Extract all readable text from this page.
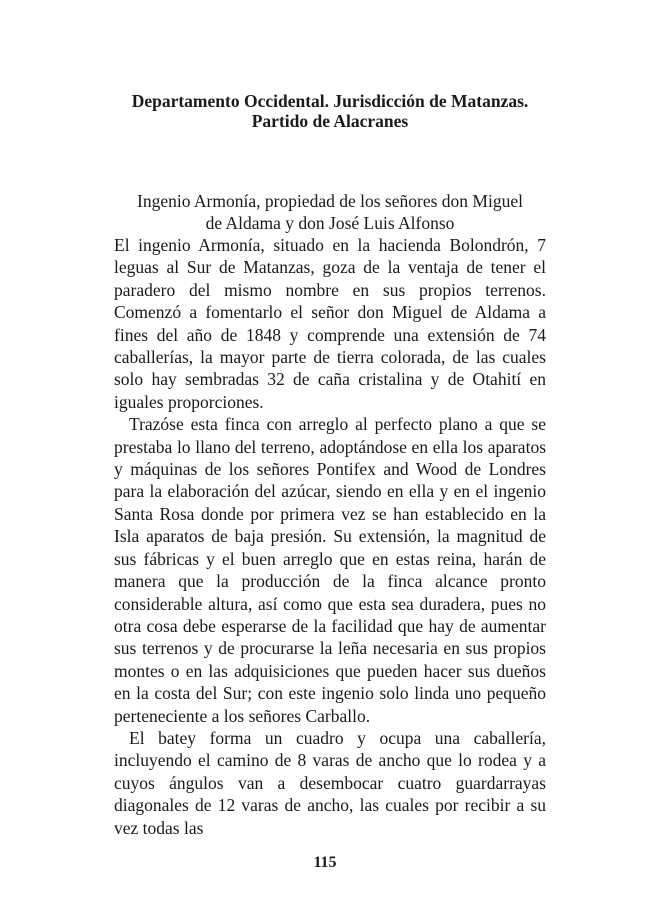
Departamento Occidental. Jurisdicción de Matanzas.
Partido de Alacranes
Ingenio Armonía, propiedad de los señores don Miguel
de Aldama y don José Luis Alfonso

El ingenio Armonía, situado en la hacienda Bolondrón, 7 leguas al Sur de Matanzas, goza de la ventaja de tener el paradero del mismo nombre en sus propios terrenos. Comenzó a fomentarlo el señor don Miguel de Aldama a fines del año de 1848 y comprende una extensión de 74 caballerías, la mayor parte de tierra colorada, de las cuales solo hay sembradas 32 de caña cristalina y de Otahití en iguales proporciones.

Trazóse esta finca con arreglo al perfecto plano a que se prestaba lo llano del terreno, adoptándose en ella los aparatos y máquinas de los señores Pontifex and Wood de Londres para la elaboración del azúcar, siendo en ella y en el ingenio Santa Rosa donde por primera vez se han establecido en la Isla aparatos de baja presión. Su extensión, la magnitud de sus fábricas y el buen arreglo que en estas reina, harán de manera que la producción de la finca alcance pronto considerable altura, así como que esta sea duradera, pues no otra cosa debe esperarse de la facilidad que hay de aumentar sus terrenos y de procurarse la leña necesaria en sus propios montes o en las adquisiciones que pueden hacer sus dueños en la costa del Sur; con este ingenio solo linda uno pequeño perteneciente a los señores Carballo.

El batey forma un cuadro y ocupa una caballería, incluyendo el camino de 8 varas de ancho que lo rodea y a cuyos ángulos van a desembocar cuatro guardarrayas diagonales de 12 varas de ancho, las cuales por recibir a su vez todas las

115
